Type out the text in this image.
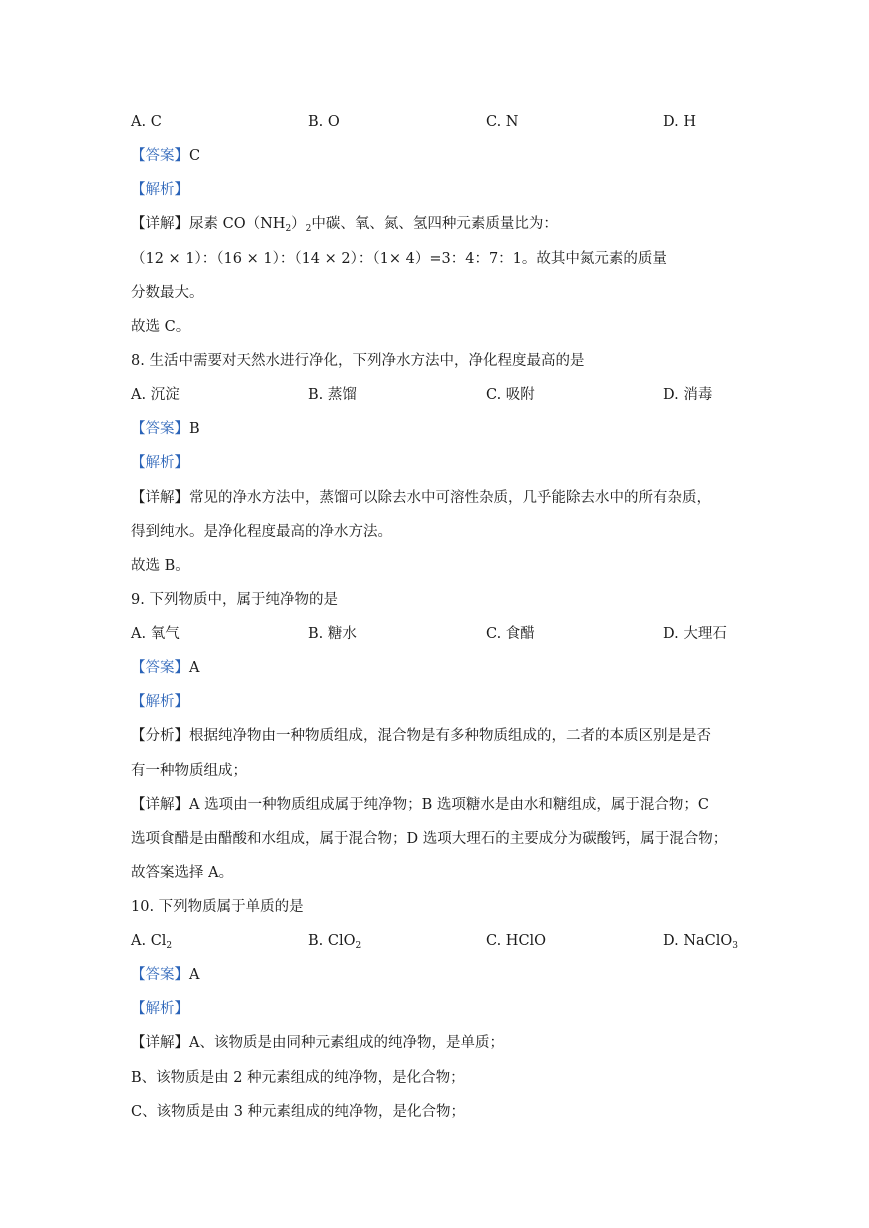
A. C	B. O	C. N	D. H
【答案】C
【解析】
【详解】尿素 $CO(NH_2)_2$中碳、氧、氮、氢四种元素质量比为：
（12 × 1）：（16 × 1）：（14 × 2）：（1× 4）=3：4：7：1。故其中氮元素的质量
分数最大。
故选 C。
8. 生活中需要对天然水进行净化，下列净水方法中，净化程度最高的是
A. 沉淀	B. 蒸馏	C. 吸附	D. 消毒
【答案】B
【解析】
【详解】常见的净水方法中，蒸馏可以除去水中可溶性杂质，几乎能除去水中的所有杂质，
得到纯水。是净化程度最高的净水方法。
故选 B。
9. 下列物质中，属于纯净物的是
A. 氧气	B. 糖水	C. 食醋	D. 大理石
【答案】A
【解析】
【分析】根据纯净物由一种物质组成，混合物是有多种物质组成的，二者的本质区别是是否
有一种物质组成；
【详解】A 选项由一种物质组成属于纯净物；B 选项糖水是由水和糖组成，属于混合物；C
选项食醋是由醋酸和水组成，属于混合物；D 选项大理石的主要成分为碳酸钙，属于混合物；
故答案选择 A。
10. 下列物质属于单质的是
A. $Cl_2$	B. ClO$_2$	C. HClO	D. NaClO$_3$
【答案】A
【解析】
【详解】A、该物质是由同种元素组成的纯净物，是单质；
B、该物质是由 2 种元素组成的纯净物，是化合物；
C、该物质是由 3 种元素组成的纯净物，是化合物；
